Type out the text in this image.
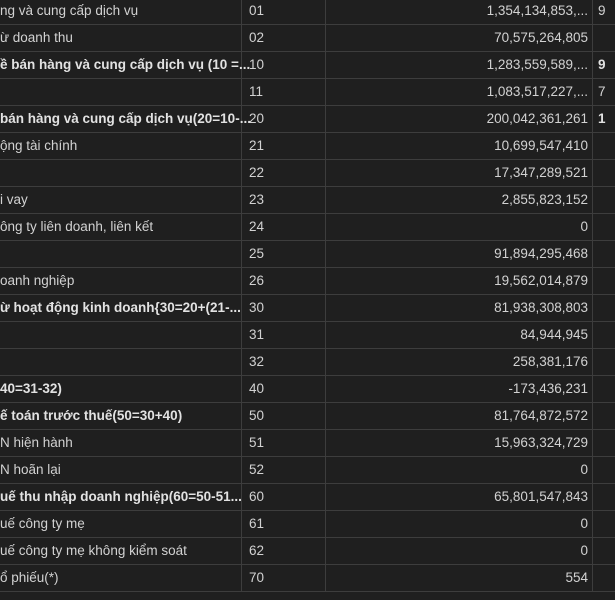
ng và cung cấp dịch vụ	01	1,354,134,853,...	9

ừ doanh thu	02	70,575,264,805	

ề bán hàng và cung cấp dịch vụ (10 =...	10	1,283,559,589,...	9

	11	1,083,517,227,...	7

bán hàng và cung cấp dịch vụ(20=10-...	20	200,042,361,261	1

ộng tài chính	21	10,699,547,410	

	22	17,347,289,521	

i vay	23	2,855,823,152	

ông ty liên doanh, liên kết	24	0	

	25	91,894,295,468	

oanh nghiệp	26	19,562,014,879	

ừ hoạt động kinh doanh{30=20+(21-...	30	81,938,308,803	

	31	84,944,945	

	32	258,381,176	

40=31-32)	40	-173,436,231	

ế toán trước thuế(50=30+40)	50	81,764,872,572	

N hiện hành	51	15,963,324,729	

N hoãn lại	52	0	

uế thu nhập doanh nghiệp(60=50-51...	60	65,801,547,843	

uế công ty mẹ	61	0	

uế công ty mẹ không kiểm soát	62	0	

ổ phiếu(*)	70	554	
